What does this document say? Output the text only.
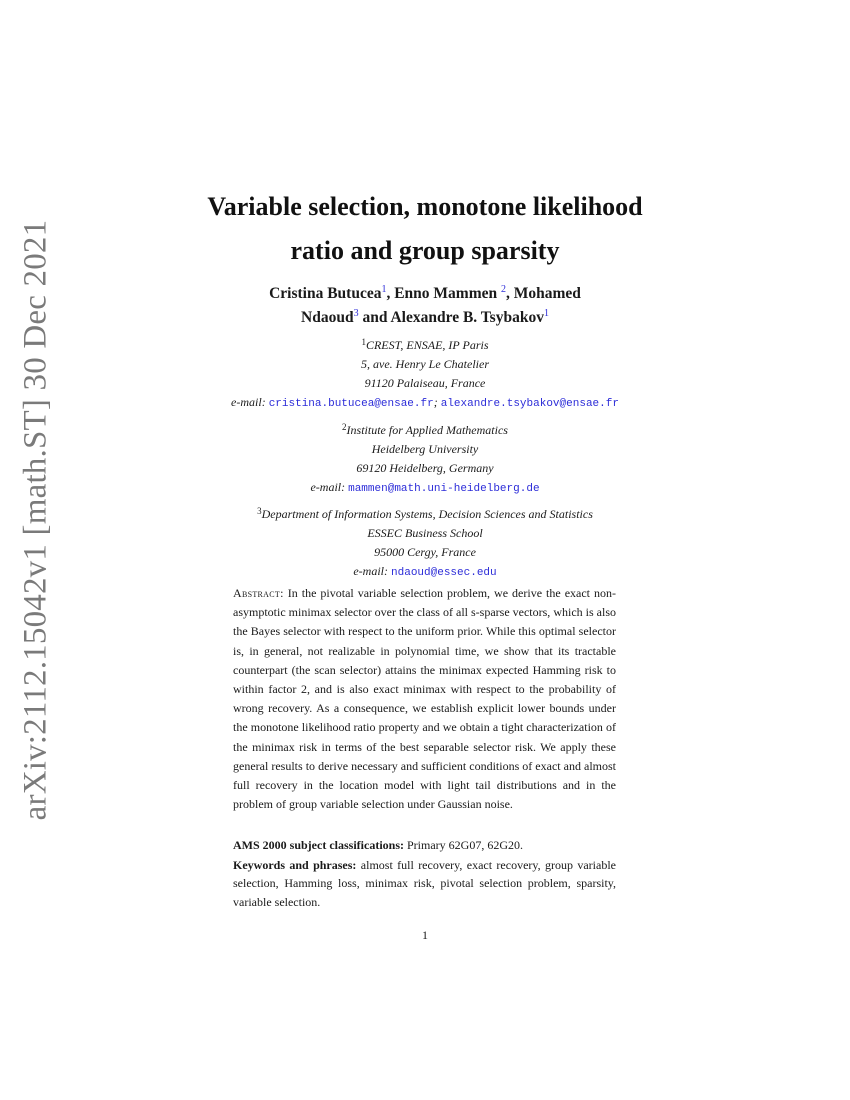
arXiv:2112.15042v1 [math.ST] 30 Dec 2021
Variable selection, monotone likelihood
ratio and group sparsity
Cristina Butucea$^1$, Enno Mammen $^2$, Mohamed
Ndaoud$^3$ and Alexandre B. Tsybakov$^1$
$^1$CREST, ENSAE, IP Paris
5, ave. Henry Le Chatelier
91120 Palaiseau, France
e-mail: cristina.butucea@ensae.fr; alexandre.tsybakov@ensae.fr
$^2$Institute for Applied Mathematics
Heidelberg University
69120 Heidelberg, Germany
e-mail: mammen@math.uni-heidelberg.de
$^3$Department of Information Systems, Decision Sciences and Statistics
ESSEC Business School
95000 Cergy, France
e-mail: ndaoud@essec.edu
Abstract: In the pivotal variable selection problem, we derive the exact non-asymptotic minimax selector over the class of all s-sparse vectors, which is also the Bayes selector with respect to the uniform prior. While this optimal selector is, in general, not realizable in polynomial time, we show that its tractable counterpart (the scan selector) attains the minimax expected Hamming risk to within factor 2, and is also exact minimax with respect to the probability of wrong recovery. As a consequence, we establish explicit lower bounds under the monotone likelihood ratio property and we obtain a tight characterization of the minimax risk in terms of the best separable selector risk. We apply these general results to derive necessary and sufficient conditions of exact and almost full recovery in the location model with light tail distributions and in the problem of group variable selection under Gaussian noise.
AMS 2000 subject classifications: Primary 62G07, 62G20.
Keywords and phrases: almost full recovery, exact recovery, group variable selection, Hamming loss, minimax risk, pivotal selection problem, sparsity, variable selection.
1
